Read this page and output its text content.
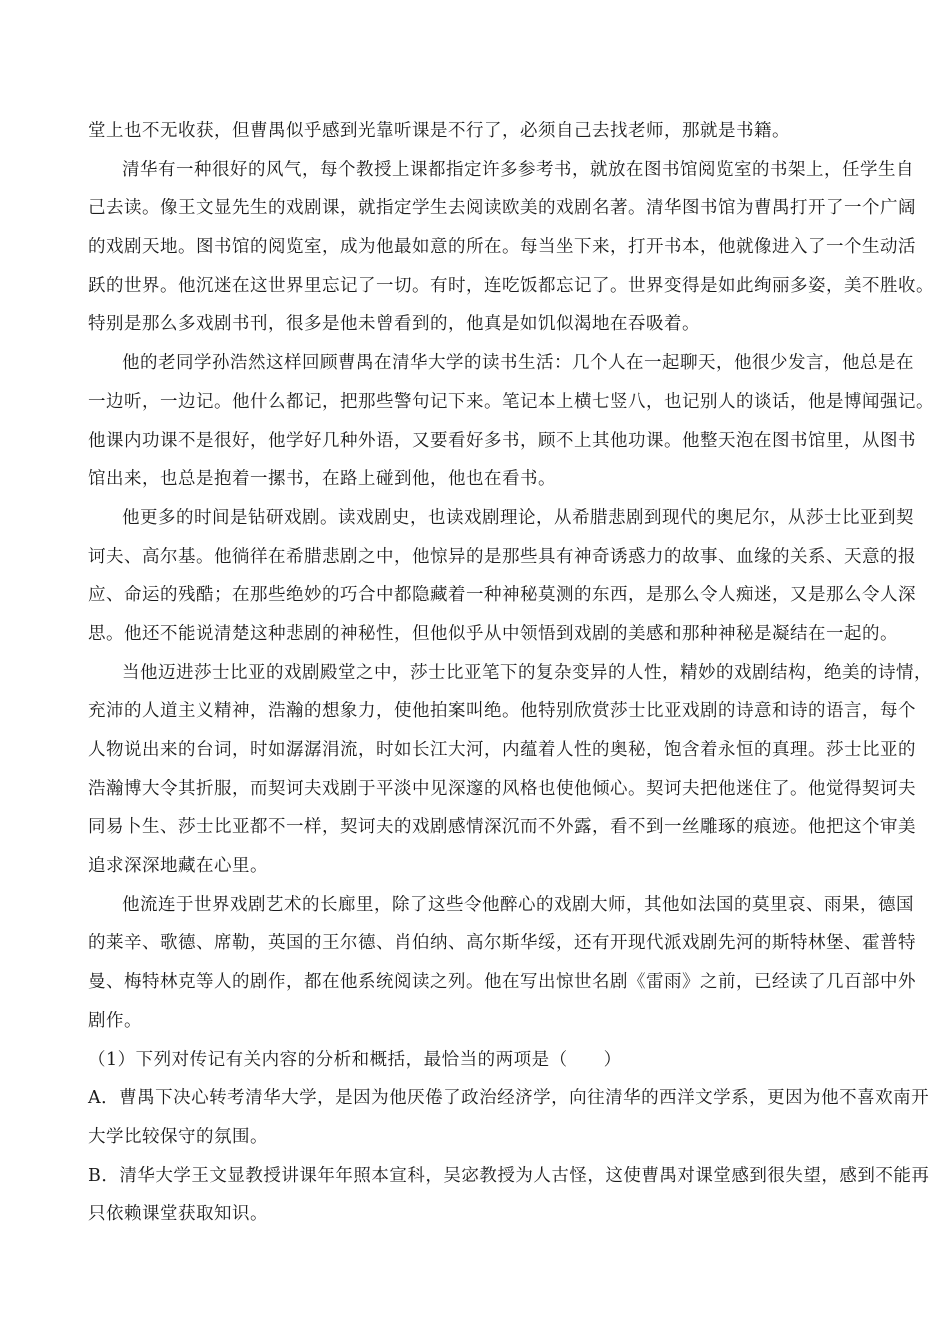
堂上也不无收获，但曹禺似乎感到光靠听课是不行了，必须自己去找老师，那就是书籍。
清华有一种很好的风气，每个教授上课都指定许多参考书，就放在图书馆阅览室的书架上，任学生自
己去读。像王文显先生的戏剧课，就指定学生去阅读欧美的戏剧名著。清华图书馆为曹禺打开了一个广阔
的戏剧天地。图书馆的阅览室，成为他最如意的所在。每当坐下来，打开书本，他就像进入了一个生动活
跃的世界。他沉迷在这世界里忘记了一切。有时，连吃饭都忘记了。世界变得是如此绚丽多姿，美不胜收。
特别是那么多戏剧书刊，很多是他未曾看到的，他真是如饥似渴地在吞吸着。
他的老同学孙浩然这样回顾曹禺在清华大学的读书生活：几个人在一起聊天，他很少发言，他总是在
一边听，一边记。他什么都记，把那些警句记下来。笔记本上横七竖八，也记别人的谈话，他是博闻强记。
他课内功课不是很好，他学好几种外语，又要看好多书，顾不上其他功课。他整天泡在图书馆里，从图书
馆出来，也总是抱着一摞书，在路上碰到他，他也在看书。
他更多的时间是钻研戏剧。读戏剧史，也读戏剧理论，从希腊悲剧到现代的奥尼尔，从莎士比亚到契
诃夫、高尔基。他徜徉在希腊悲剧之中，他惊异的是那些具有神奇诱惑力的故事、血缘的关系、天意的报
应、命运的残酷；在那些绝妙的巧合中都隐藏着一种神秘莫测的东西，是那么令人痴迷，又是那么令人深
思。他还不能说清楚这种悲剧的神秘性，但他似乎从中领悟到戏剧的美感和那种神秘是凝结在一起的。
当他迈进莎士比亚的戏剧殿堂之中，莎士比亚笔下的复杂变异的人性，精妙的戏剧结构，绝美的诗情，
充沛的人道主义精神，浩瀚的想象力，使他拍案叫绝。他特别欣赏莎士比亚戏剧的诗意和诗的语言，每个
人物说出来的台词，时如潺潺涓流，时如长江大河，内蕴着人性的奥秘，饱含着永恒的真理。莎士比亚的
浩瀚博大令其折服，而契诃夫戏剧于平淡中见深邃的风格也使他倾心。契诃夫把他迷住了。他觉得契诃夫
同易卜生、莎士比亚都不一样，契诃夫的戏剧感情深沉而不外露，看不到一丝雕琢的痕迹。他把这个审美
追求深深地藏在心里。
他流连于世界戏剧艺术的长廊里，除了这些令他醉心的戏剧大师，其他如法国的莫里哀、雨果，德国
的莱辛、歌德、席勒，英国的王尔德、肖伯纳、高尔斯华绥，还有开现代派戏剧先河的斯特林堡、霍普特
曼、梅特林克等人的剧作，都在他系统阅读之列。他在写出惊世名剧《雷雨》之前，已经读了几百部中外
剧作。
（1）下列对传记有关内容的分析和概括，最恰当的两项是（　　）
A．曹禺下决心转考清华大学，是因为他厌倦了政治经济学，向往清华的西洋文学系，更因为他不喜欢南开
大学比较保守的氛围。
B．清华大学王文显教授讲课年年照本宣科，吴宓教授为人古怪，这使曹禺对课堂感到很失望，感到不能再
只依赖课堂获取知识。
